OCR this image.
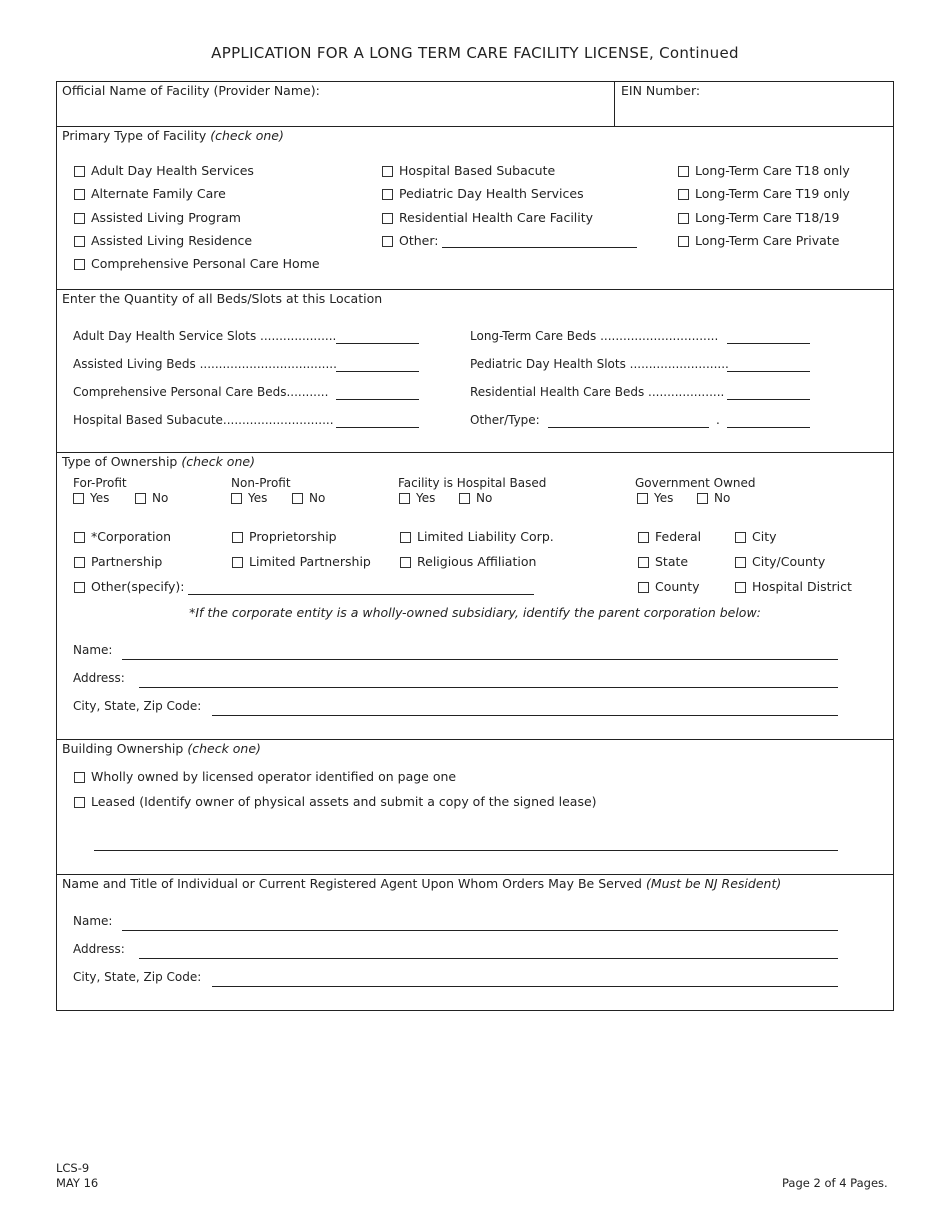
APPLICATION FOR A LONG TERM CARE FACILITY LICENSE, Continued
Official Name of Facility (Provider Name):	EIN Number:
Primary Type of Facility (check one)
Adult Day Health Services
Alternate Family Care
Assisted Living Program
Assisted Living Residence
Comprehensive Personal Care Home
Hospital Based Subacute
Pediatric Day Health Services
Residential Health Care Facility
Other:
Long-Term Care T18 only
Long-Term Care T19 only
Long-Term Care T18/19
Long-Term Care Private
Enter the Quantity of all Beds/Slots at this Location
Adult Day Health Service Slots ....................
Assisted Living Beds ....................................
Comprehensive Personal Care Beds...........
Hospital Based Subacute.............................
Long-Term Care Beds ...............................
Pediatric Day Health Slots ..........................
Residential Health Care Beds ....................
Other/Type:	.
Type of Ownership (check one)
For-Profit
Yes	No
Non-Profit
Yes	No
Facility is Hospital Based
Yes	No
Government Owned
Yes	No
*Corporation
Partnership
Other(specify):
Proprietorship
Limited Partnership
Limited Liability Corp.
Religious Affiliation
Federal
State
County
City
City/County
Hospital District
*If the corporate entity is a wholly-owned subsidiary, identify the parent corporation below:
Name:
Address:
City, State, Zip Code:
Building Ownership (check one)
Wholly owned by licensed operator identified on page one
Leased (Identify owner of physical assets and submit a copy of the signed lease)
Name and Title of Individual or Current Registered Agent Upon Whom Orders May Be Served (Must be NJ Resident)
Name:
Address:
City, State, Zip Code:
LCS-9
MAY 16	Page 2 of 4 Pages.
